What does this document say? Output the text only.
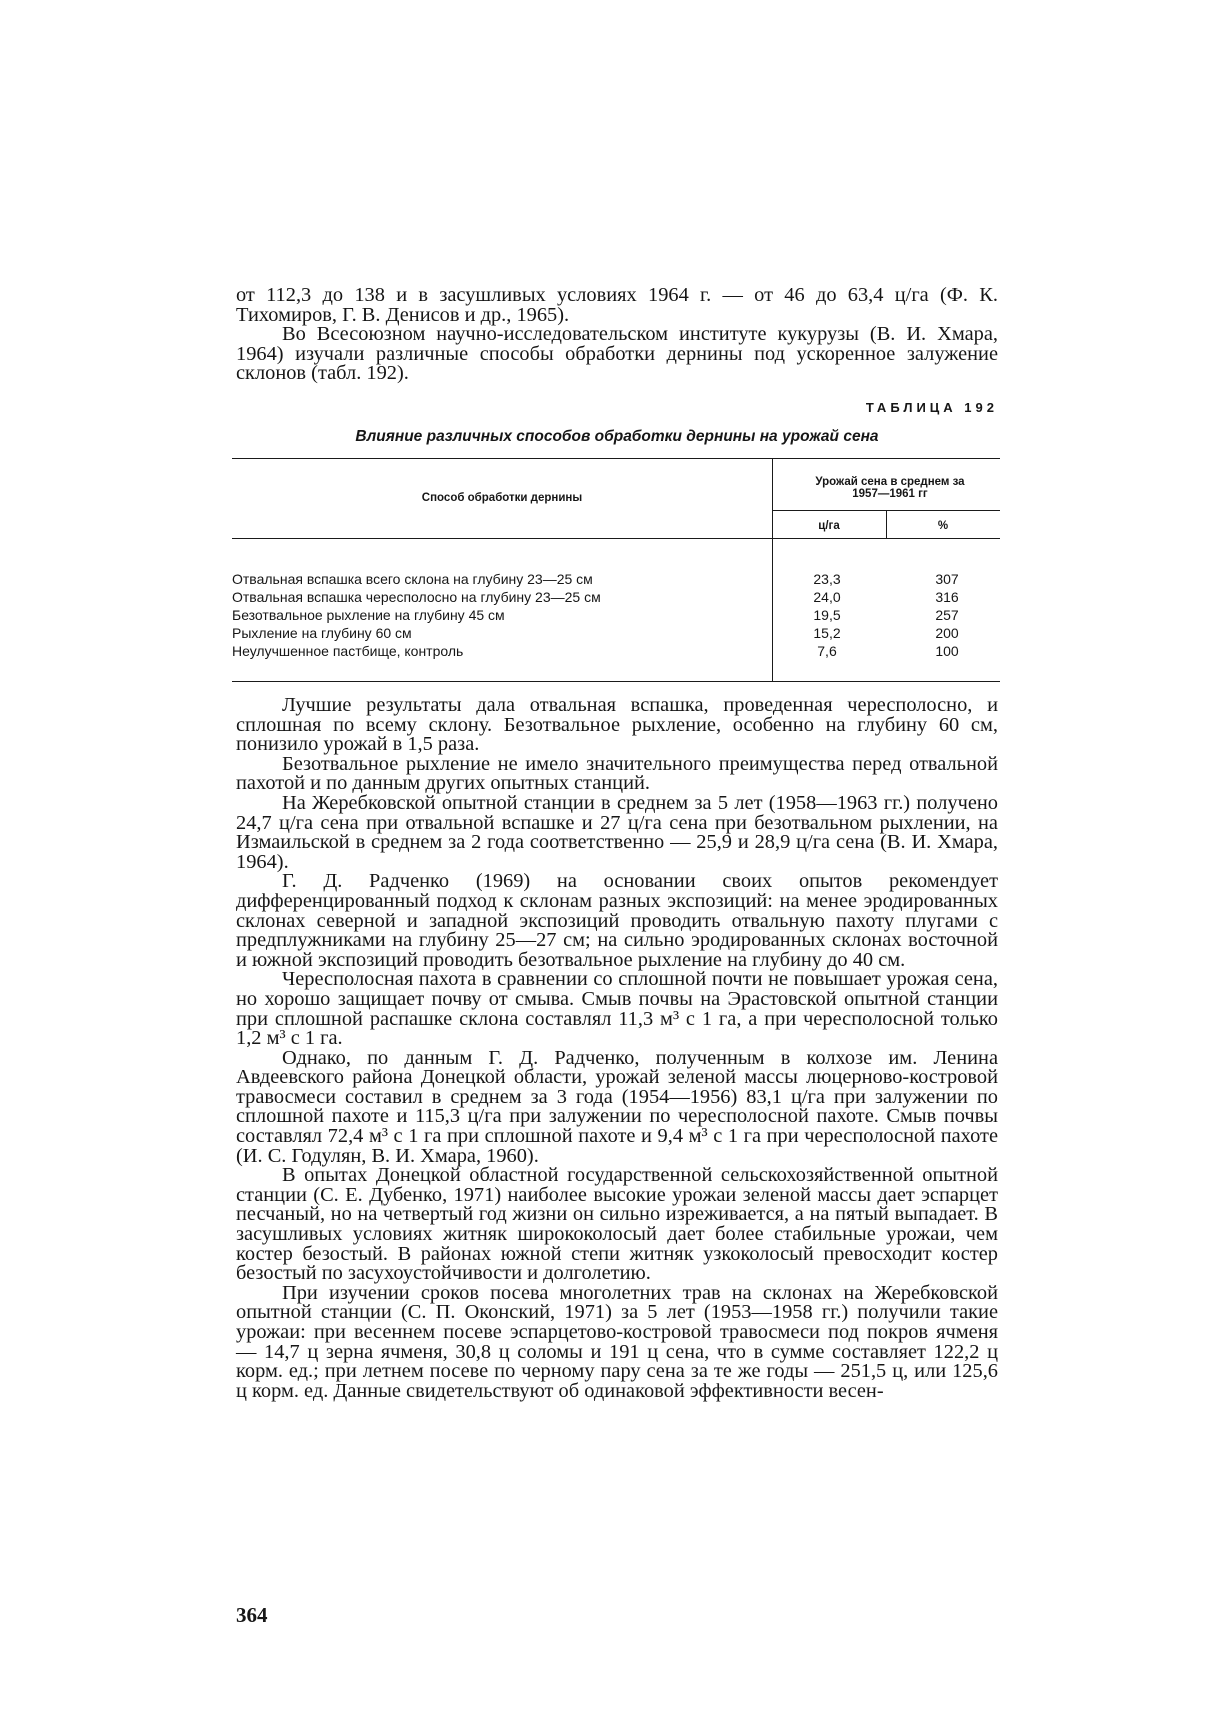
от 112,3 до 138 и в засушливых условиях 1964 г. — от 46 до 63,4 ц/га (Ф. К. Тихомиров, Г. В. Денисов и др., 1965).

Во Всесоюзном научно-исследовательском институте кукурузы (В. И. Хмара, 1964) изучали различные способы обработки дернины под ускоренное залужение склонов (табл. 192).

ТАБЛИЦА 192
Влияние различных способов обработки дернины на урожай сена
Способ обработки дернины
Урожай сена в среднем за 1957—1961 гг
ц/га	%
Отвальная вспашка всего склона на глубину 23—25 см	23,3	307
Отвальная вспашка чересполосно на глубину 23—25 см	24,0	316
Безотвальное рыхление на глубину 45 см	19,5	257
Рыхление на глубину 60 см	15,2	200
Неулучшенное пастбище, контроль	7,6	100

Лучшие результаты дала отвальная вспашка, проведенная чересполосно, и сплошная по всему склону. Безотвальное рыхление, особенно на глубину 60 см, понизило урожай в 1,5 раза.

Безотвальное рыхление не имело значительного преимущества перед отвальной пахотой и по данным других опытных станций.

На Жеребковской опытной станции в среднем за 5 лет (1958—1963 гг.) получено 24,7 ц/га сена при отвальной вспашке и 27 ц/га сена при безотвальном рыхлении, на Измаильской в среднем за 2 года соответственно — 25,9 и 28,9 ц/га сена (В. И. Хмара, 1964).

Г. Д. Радченко (1969) на основании своих опытов рекомендует дифференцированный подход к склонам разных экспозиций: на менее эродированных склонах северной и западной экспозиций проводить отвальную пахоту плугами с предплужниками на глубину 25—27 см; на сильно эродированных склонах восточной и южной экспозиций проводить безотвальное рыхление на глубину до 40 см.

Чересполосная пахота в сравнении со сплошной почти не повышает урожая сена, но хорошо защищает почву от смыва. Смыв почвы на Эрастовской опытной станции при сплошной распашке склона составлял 11,3 м³ с 1 га, а при чересполосной только 1,2 м³ с 1 га.

Однако, по данным Г. Д. Радченко, полученным в колхозе им. Ленина Авдеевского района Донецкой области, урожай зеленой массы люцерново-костровой травосмеси составил в среднем за 3 года (1954—1956) 83,1 ц/га при залужении по сплошной пахоте и 115,3 ц/га при залужении по чересполосной пахоте. Смыв почвы составлял 72,4 м³ с 1 га при сплошной пахоте и 9,4 м³ с 1 га при чересполосной пахоте (И. С. Годулян, В. И. Хмара, 1960).

В опытах Донецкой областной государственной сельскохозяйственной опытной станции (С. Е. Дубенко, 1971) наиболее высокие урожаи зеленой массы дает эспарцет песчаный, но на четвертый год жизни он сильно изреживается, а на пятый выпадает. В засушливых условиях житняк ширококолосый дает более стабильные урожаи, чем костер безостый. В районах южной степи житняк узкоколосый превосходит костер безостый по засухоустойчивости и долголетию.

При изучении сроков посева многолетних трав на склонах на Жеребковской опытной станции (С. П. Оконский, 1971) за 5 лет (1953—1958 гг.) получили такие урожаи: при весеннем посеве эспарцетово-костровой травосмеси под покров ячменя — 14,7 ц зерна ячменя, 30,8 ц соломы и 191 ц сена, что в сумме составляет 122,2 ц корм. ед.; при летнем посеве по черному пару сена за те же годы — 251,5 ц, или 125,6 ц корм. ед. Данные свидетельствуют об одинаковой эффективности весен-

364
